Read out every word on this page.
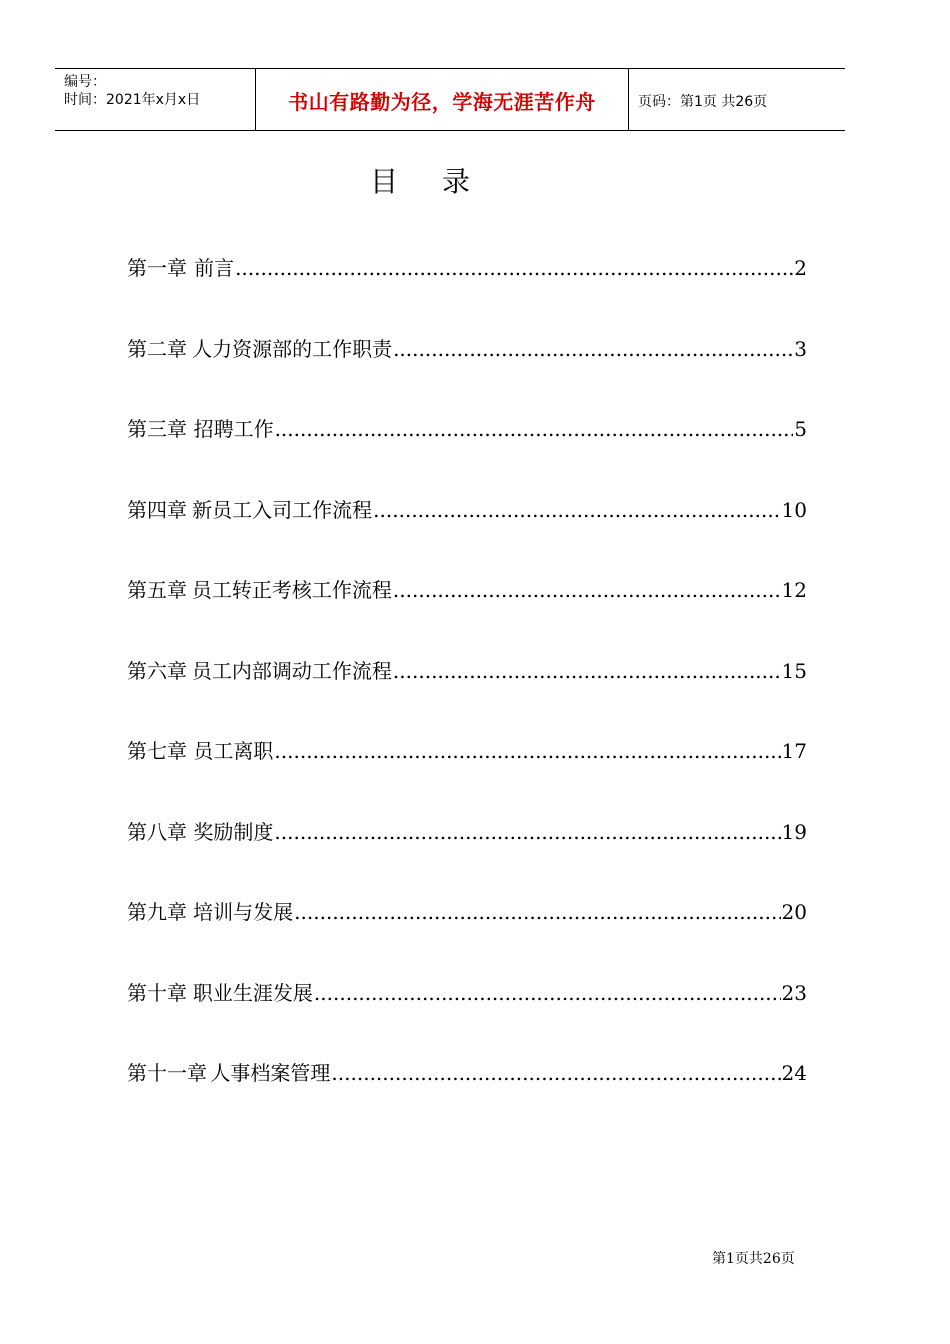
编号：
时间：2021年x月x日	书山有路勤为径，学海无涯苦作舟	页码：第1页 共26页
目录
第一章 前言 .....	2
第二章 人力资源部的工作职责 .....	3
第三章 招聘工作 .....	5
第四章 新员工入司工作流程 .....	10
第五章 员工转正考核工作流程 .....	12
第六章 员工内部调动工作流程 .....	15
第七章 员工离职 .....	17
第八章 奖励制度 .....	19
第九章 培训与发展 .....	20
第十章 职业生涯发展 .....	23
第十一章 人事档案管理 .....	24
第1页共26页
